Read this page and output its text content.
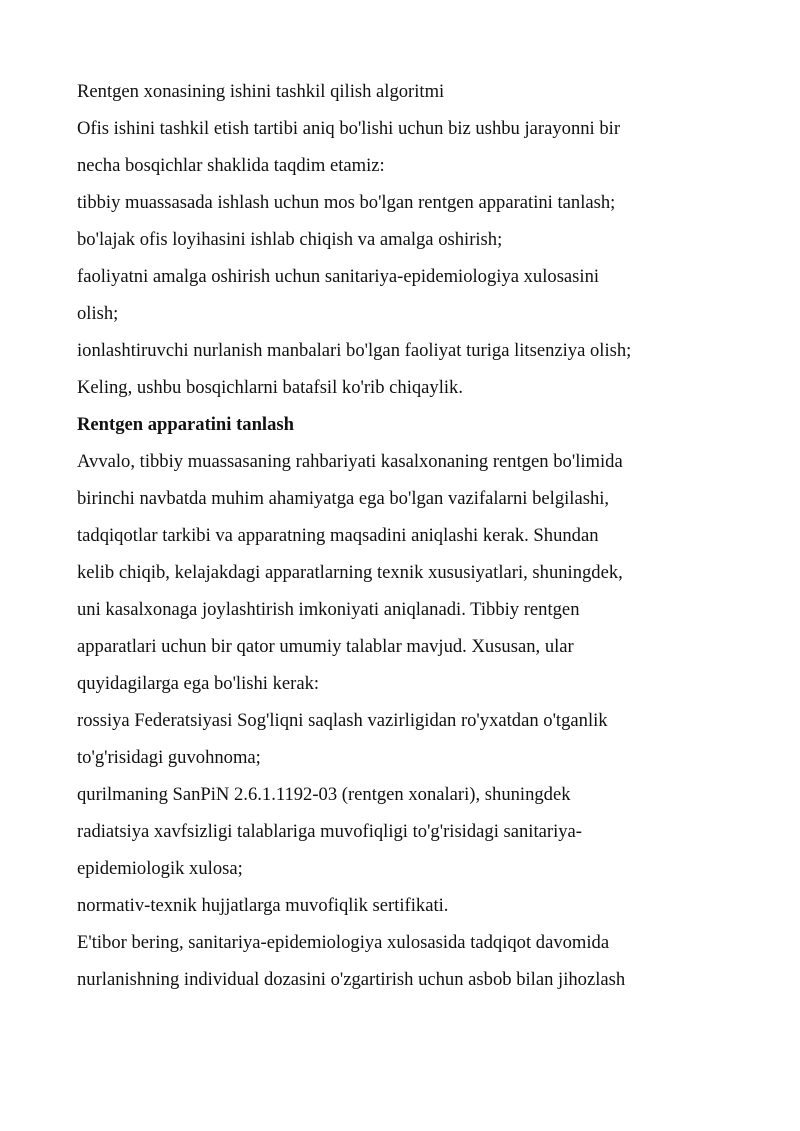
Rentgen xonasining ishini tashkil qilish algoritmi
Ofis ishini tashkil etish tartibi aniq bo'lishi uchun biz ushbu jarayonni bir
necha bosqichlar shaklida taqdim etamiz:
tibbiy muassasada ishlash uchun mos bo'lgan rentgen apparatini tanlash;
bo'lajak ofis loyihasini ishlab chiqish va amalga oshirish;
faoliyatni amalga oshirish uchun sanitariya-epidemiologiya xulosasini
olish;
ionlashtiruvchi nurlanish manbalari bo'lgan faoliyat turiga litsenziya olish;
Keling, ushbu bosqichlarni batafsil ko'rib chiqaylik.
Rentgen apparatini tanlash
Avvalo, tibbiy muassasaning rahbariyati kasalxonaning rentgen bo'limida
birinchi navbatda muhim ahamiyatga ega bo'lgan vazifalarni belgilashi,
tadqiqotlar tarkibi va apparatning maqsadini aniqlashi kerak. Shundan
kelib chiqib, kelajakdagi apparatlarning texnik xususiyatlari, shuningdek,
uni kasalxonaga joylashtirish imkoniyati aniqlanadi. Tibbiy rentgen
apparatlari uchun bir qator umumiy talablar mavjud. Xususan, ular
quyidagilarga ega bo'lishi kerak:
rossiya Federatsiyasi Sog'liqni saqlash vazirligidan ro'yxatdan o'tganlik
to'g'risidagi guvohnoma;
qurilmaning SanPiN 2.6.1.1192-03 (rentgen xonalari), shuningdek
radiatsiya xavfsizligi talablariga muvofiqligi to'g'risidagi sanitariya-
epidemiologik xulosa;
normativ-texnik hujjatlarga muvofiqlik sertifikati.
E'tibor bering, sanitariya-epidemiologiya xulosasida tadqiqot davomida
nurlanishning individual dozasini o'zgartirish uchun asbob bilan jihozlash
